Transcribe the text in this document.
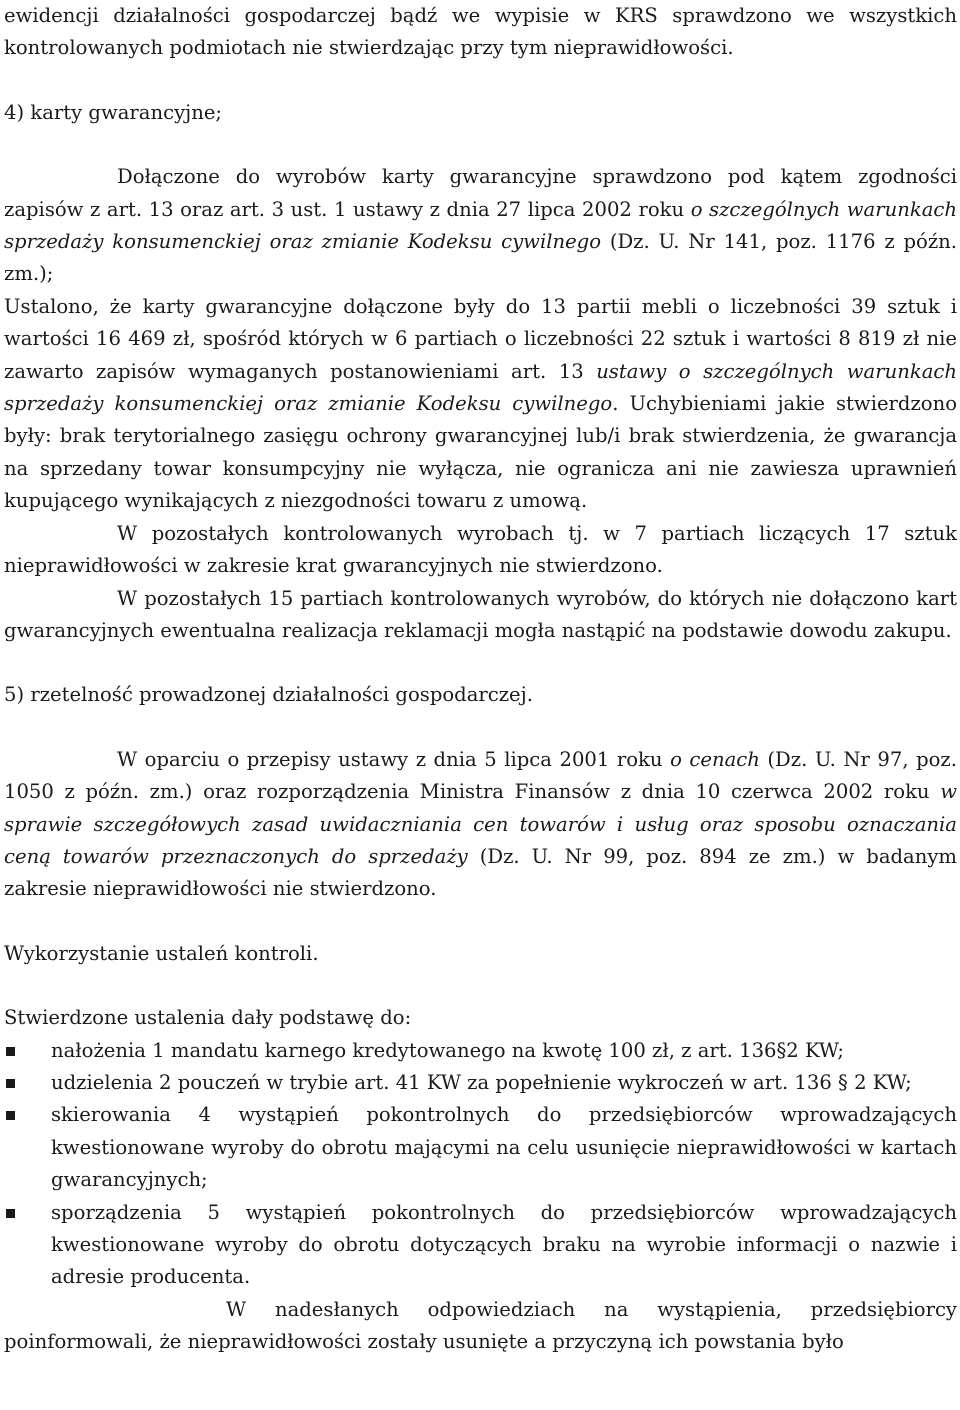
ewidencji działalności gospodarczej bądź we wypisie w KRS sprawdzono we wszystkich kontrolowanych podmiotach nie stwierdzając przy tym nieprawidłowości.

4) karty gwarancyjne;

Dołączone do wyrobów karty gwarancyjne sprawdzono pod kątem zgodności zapisów z art. 13 oraz art. 3 ust. 1 ustawy z dnia 27 lipca 2002 roku o szczególnych warunkach sprzedaży konsumenckiej oraz zmianie Kodeksu cywilnego (Dz. U. Nr 141, poz. 1176 z późn. zm.);

Ustalono, że karty gwarancyjne dołączone były do 13 partii mebli o liczebności 39 sztuk i wartości 16 469 zł, spośród których w 6 partiach o liczebności 22 sztuk i wartości 8 819 zł nie zawarto zapisów wymaganych postanowieniami art. 13 ustawy o szczególnych warunkach sprzedaży konsumenckiej oraz zmianie Kodeksu cywilnego. Uchybieniami jakie stwierdzono były: brak terytorialnego zasięgu ochrony gwarancyjnej lub/i brak stwierdzenia, że gwarancja na sprzedany towar konsumpcyjny nie wyłącza, nie ogranicza ani nie zawiesza uprawnień kupującego wynikających z niezgodności towaru z umową.

W pozostałych kontrolowanych wyrobach tj. w 7 partiach liczących 17 sztuk nieprawidłowości w zakresie krat gwarancyjnych nie stwierdzono.

W pozostałych 15 partiach kontrolowanych wyrobów, do których nie dołączono kart gwarancyjnych ewentualna realizacja reklamacji mogła nastąpić na podstawie dowodu zakupu.

5) rzetelność prowadzonej działalności gospodarczej.

W oparciu o przepisy ustawy z dnia 5 lipca 2001 roku o cenach (Dz. U. Nr 97, poz. 1050 z późn. zm.) oraz rozporządzenia Ministra Finansów z dnia 10 czerwca 2002 roku w sprawie szczegółowych zasad uwidaczniania cen towarów i usług oraz sposobu oznaczania ceną towarów przeznaczonych do sprzedaży (Dz. U. Nr 99, poz. 894 ze zm.) w badanym zakresie nieprawidłowości nie stwierdzono.

Wykorzystanie ustaleń kontroli.

Stwierdzone ustalenia dały podstawę do:

nałożenia 1 mandatu karnego kredytowanego na kwotę 100 zł, z art. 136§2 KW;
udzielenia 2 pouczeń w trybie art. 41 KW za popełnienie wykroczeń w art. 136 § 2 KW;
skierowania 4 wystąpień pokontrolnych do przedsiębiorców wprowadzających kwestionowane wyroby do obrotu mającymi na celu usunięcie nieprawidłowości w kartach gwarancyjnych;
sporządzenia 5 wystąpień pokontrolnych do przedsiębiorców wprowadzających kwestionowane wyroby do obrotu dotyczących braku na wyrobie informacji o nazwie i adresie producenta.

W nadesłanych odpowiedziach na wystąpienia, przedsiębiorcy poinformowali, że nieprawidłowości zostały usunięte a przyczyną ich powstania było
